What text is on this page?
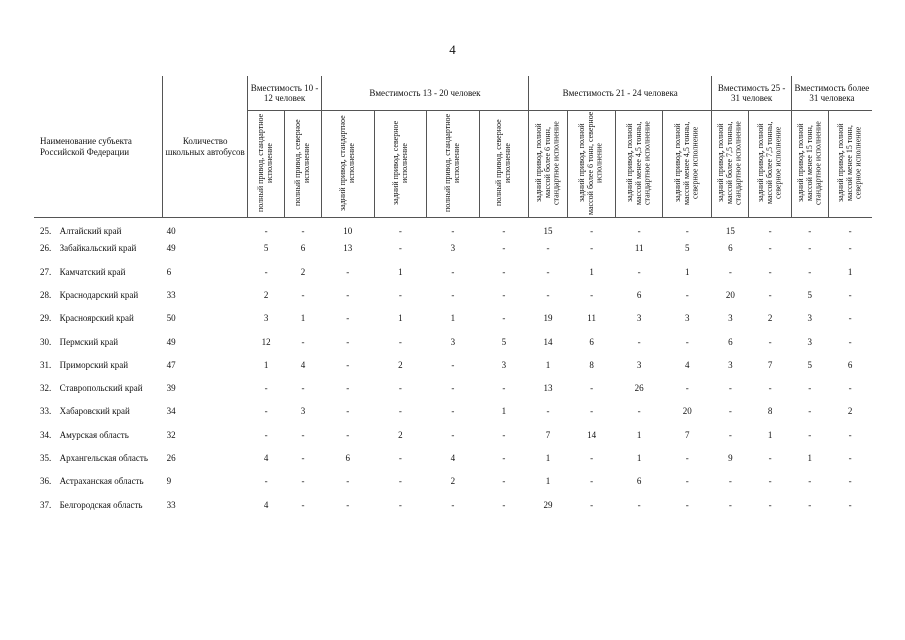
4
Наименование субъекта Российской Федерации		Количество школьных автобусов	Вместимость 10 - 12 человек		Вместимость 13 - 20 человек				Вместимость 21 - 24 человека				Вместимость 25 - 31 человек		Вместимость более 31 человека	
			полный привод, стандартное исполнение	полный привод, северное исполнение	задний привод, стандартное исполнение	задний привод, северное исполнение	полный привод, стандартное исполнение	полный привод, северное исполнение	задний привод, полной массой более 6 тонн, стандартное исполнение	задний привод, полной массой более 6 тонн, северное исполнение	задний привод, полной массой менее 4,5 тонны, стандартное исполнение	задний привод, полной массой менее 4,5 тонны, северное исполнение	задний привод, полной массой более 7,5 тонны, стандартное исполнение	задний привод, полной массой более 7,5 тонны, северное исполнение	задний привод, полной массой менее 15 тонн, стандартное исполнение	задний привод, полной массой менее 15 тонн, северное исполнение
25.	Алтайский край	40	-	-	10	-	-	-	15	-	-	-	15	-	-	-
26.	Забайкальский край	49	5	6	13	-	3	-	-	-	11	5	6	-	-	-
27.	Камчатский край	6	-	2	-	1	-	-	-	1	-	1	-	-	-	1
28.	Краснодарский край	33	2	-	-	-	-	-	-	-	6	-	20	-	5	-
29.	Красноярский край	50	3	1	-	1	1	-	19	11	3	3	3	2	3	-
30.	Пермский край	49	12	-	-	-	3	5	14	6	-	-	6	-	3	-
31.	Приморский край	47	1	4	-	2	-	3	1	8	3	4	3	7	5	6
32.	Ставропольский край	39	-	-	-	-	-	-	13	-	26	-	-	-	-	-
33.	Хабаровский край	34	-	3	-	-	-	1	-	-	-	20	-	8	-	2
34.	Амурская область	32	-	-	-	2	-	-	7	14	1	7	-	1	-	-
35.	Архангельская область	26	4	-	6	-	4	-	1	-	1	-	9	-	1	-
36.	Астраханская область	9	-	-	-	-	2	-	1	-	6	-	-	-	-	-
37.	Белгородская область	33	4	-	-	-	-	-	29	-	-	-	-	-	-	-
